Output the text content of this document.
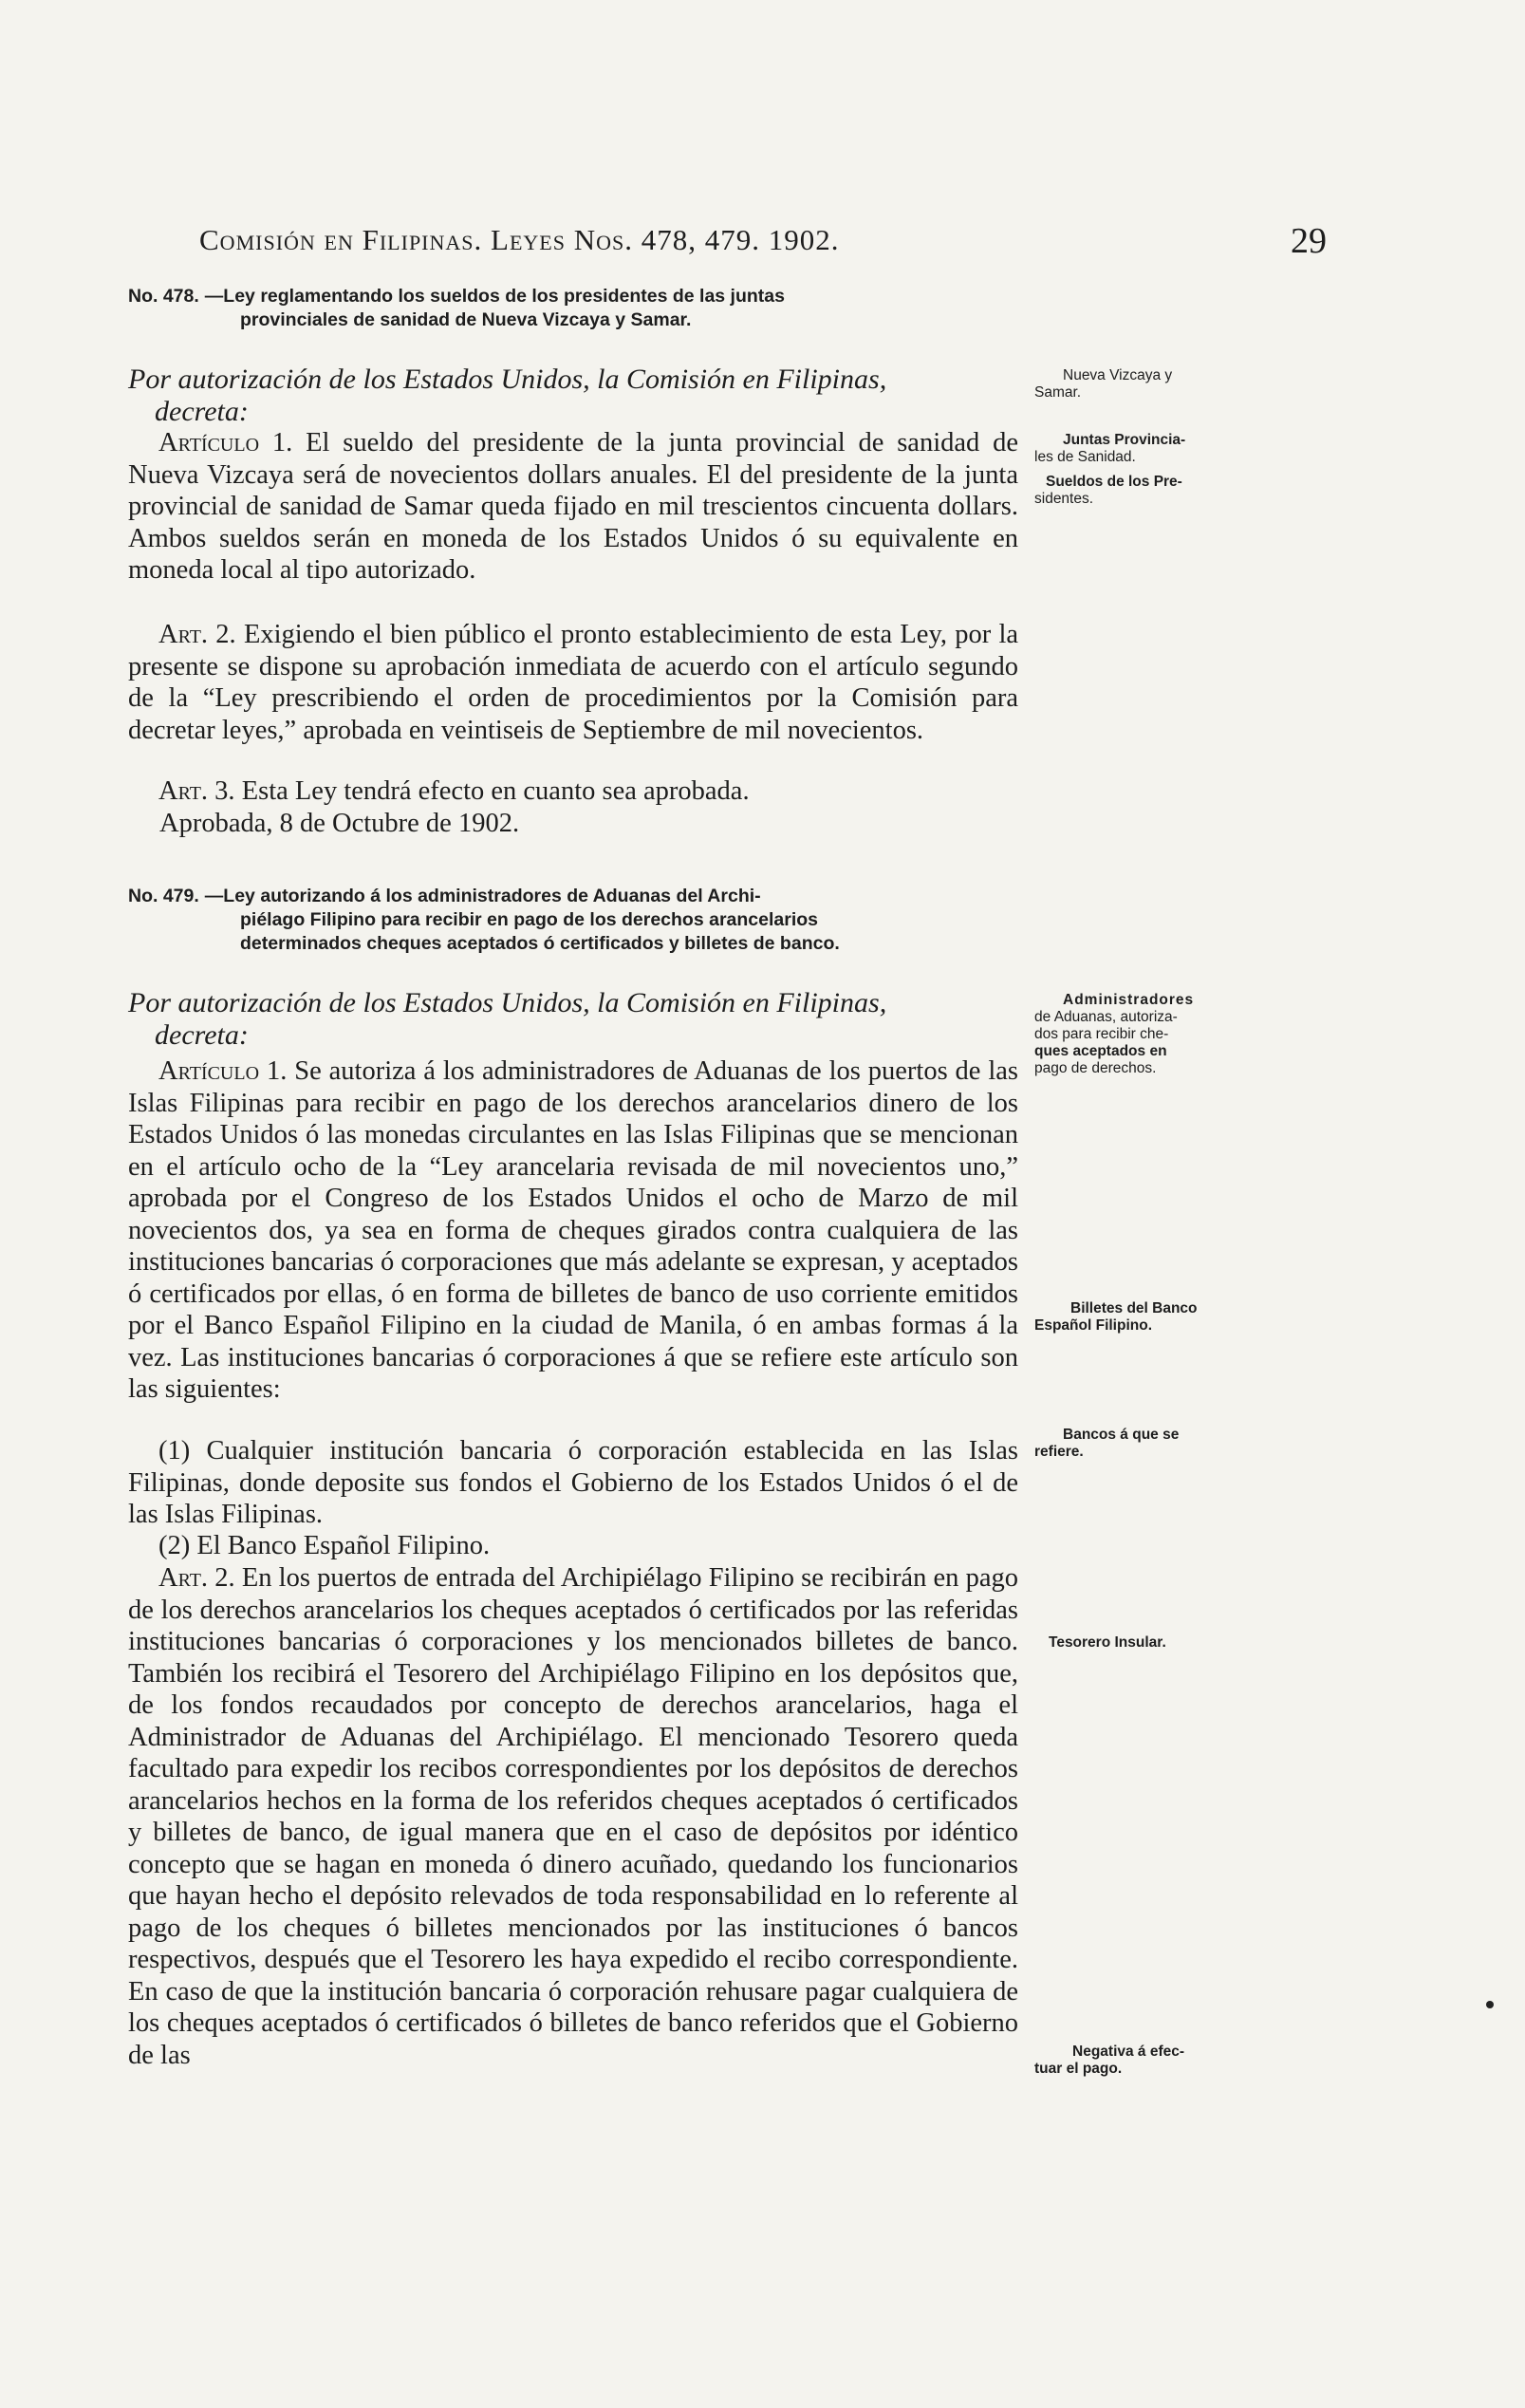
Comisión en Filipinas. Leyes Nos. 478, 479. 1902.	29
No. 478. —Ley reglamentando los sueldos de los presidentes de las juntas
provinciales de sanidad de Nueva Vizcaya y Samar.
Por autorización de los Estados Unidos, la Comisión en Filipinas,
decreta:

Artículo 1. El sueldo del presidente de la junta provincial de sanidad de Nueva Vizcaya será de novecientos dollars anuales. El del presidente de la junta provincial de sanidad de Samar queda fijado en mil trescientos cincuenta dollars. Ambos sueldos serán en moneda de los Estados Unidos ó su equivalente en moneda local al tipo autorizado.

Art. 2. Exigiendo el bien público el pronto establecimiento de esta Ley, por la presente se dispone su aprobación inmediata de acuerdo con el artículo segundo de la “Ley prescribiendo el orden de procedimientos por la Comisión para decretar leyes,” aprobada en veintiseis de Septiembre de mil novecientos.

Art. 3. Esta Ley tendrá efecto en cuanto sea aprobada.

Aprobada, 8 de Octubre de 1902.
No. 479. —Ley autorizando á los administradores de Aduanas del Archi-
piélago Filipino para recibir en pago de los derechos arancelarios
determinados cheques aceptados ó certificados y billetes de banco.
Por autorización de los Estados Unidos, la Comisión en Filipinas,
decreta:

Artículo 1. Se autoriza á los administradores de Aduanas de los puertos de las Islas Filipinas para recibir en pago de los derechos arancelarios dinero de los Estados Unidos ó las monedas circulantes en las Islas Filipinas que se mencionan en el artículo ocho de la “Ley arancelaria revisada de mil novecientos uno,” aprobada por el Congreso de los Estados Unidos el ocho de Marzo de mil novecientos dos, ya sea en forma de cheques girados contra cualquiera de las instituciones bancarias ó corporaciones que más adelante se expresan, y aceptados ó certificados por ellas, ó en forma de billetes de banco de uso corriente emitidos por el Banco Español Filipino en la ciudad de Manila, ó en ambas formas á la vez. Las instituciones bancarias ó corporaciones á que se refiere este artículo son las siguientes:

(1) Cualquier institución bancaria ó corporación establecida en las Islas Filipinas, donde deposite sus fondos el Gobierno de los Estados Unidos ó el de las Islas Filipinas.

(2) El Banco Español Filipino.

Art. 2. En los puertos de entrada del Archipiélago Filipino se recibirán en pago de los derechos arancelarios los cheques aceptados ó certificados por las referidas instituciones bancarias ó corporaciones y los mencionados billetes de banco. También los recibirá el Tesorero del Archipiélago Filipino en los depósitos que, de los fondos recaudados por concepto de derechos arancelarios, haga el Administrador de Aduanas del Archipiélago. El mencionado Tesorero queda facultado para expedir los recibos correspondientes por los depósitos de derechos arancelarios hechos en la forma de los referidos cheques aceptados ó certificados y billetes de banco, de igual manera que en el caso de depósitos por idéntico concepto que se hagan en moneda ó dinero acuñado, quedando los funcionarios que hayan hecho el depósito relevados de toda responsabilidad en lo referente al pago de los cheques ó billetes mencionados por las instituciones ó bancos respectivos, después que el Tesorero les haya expedido el recibo correspondiente. En caso de que la institución bancaria ó corporación rehusare pagar cualquiera de los cheques aceptados ó certificados ó billetes de banco referidos que el Gobierno de las

Nueva Vizcaya y
Samar.
Juntas Provincia-
les de Sanidad.
Sueldos de los Pre-
sidentes.
Administradores
de Aduanas, autoriza-
dos para recibir che-
ques aceptados en
pago de derechos.
Billetes del Banco
Español Filipino.
Bancos á que se
refiere.
Tesorero Insular.
Negativa á efec-
tuar el pago.
